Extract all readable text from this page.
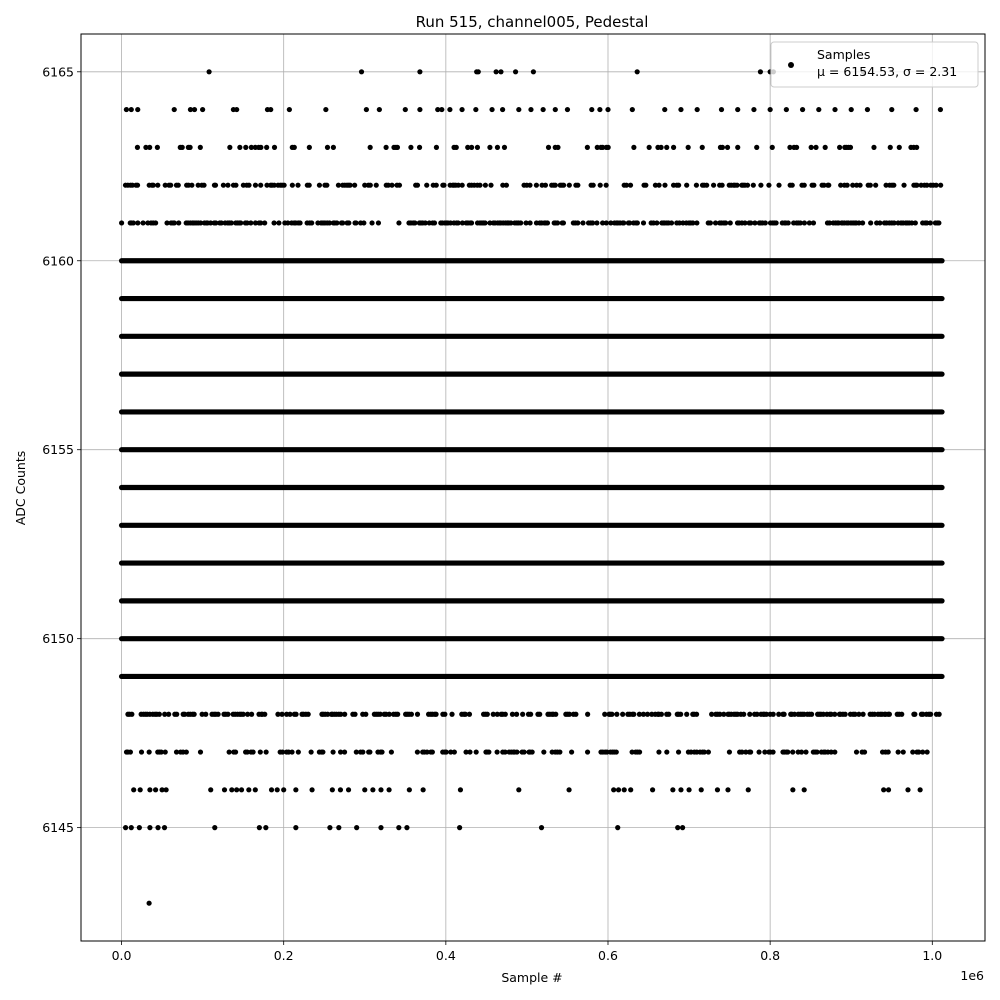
Run 515, channel005, Pedestal
0.0	0.2	0.4	0.6	0.8	1.0
6145
6150
6155
6160
6165
Sample #
ADC Counts
1e6
Samples
μ = 6154.53, σ = 2.31
